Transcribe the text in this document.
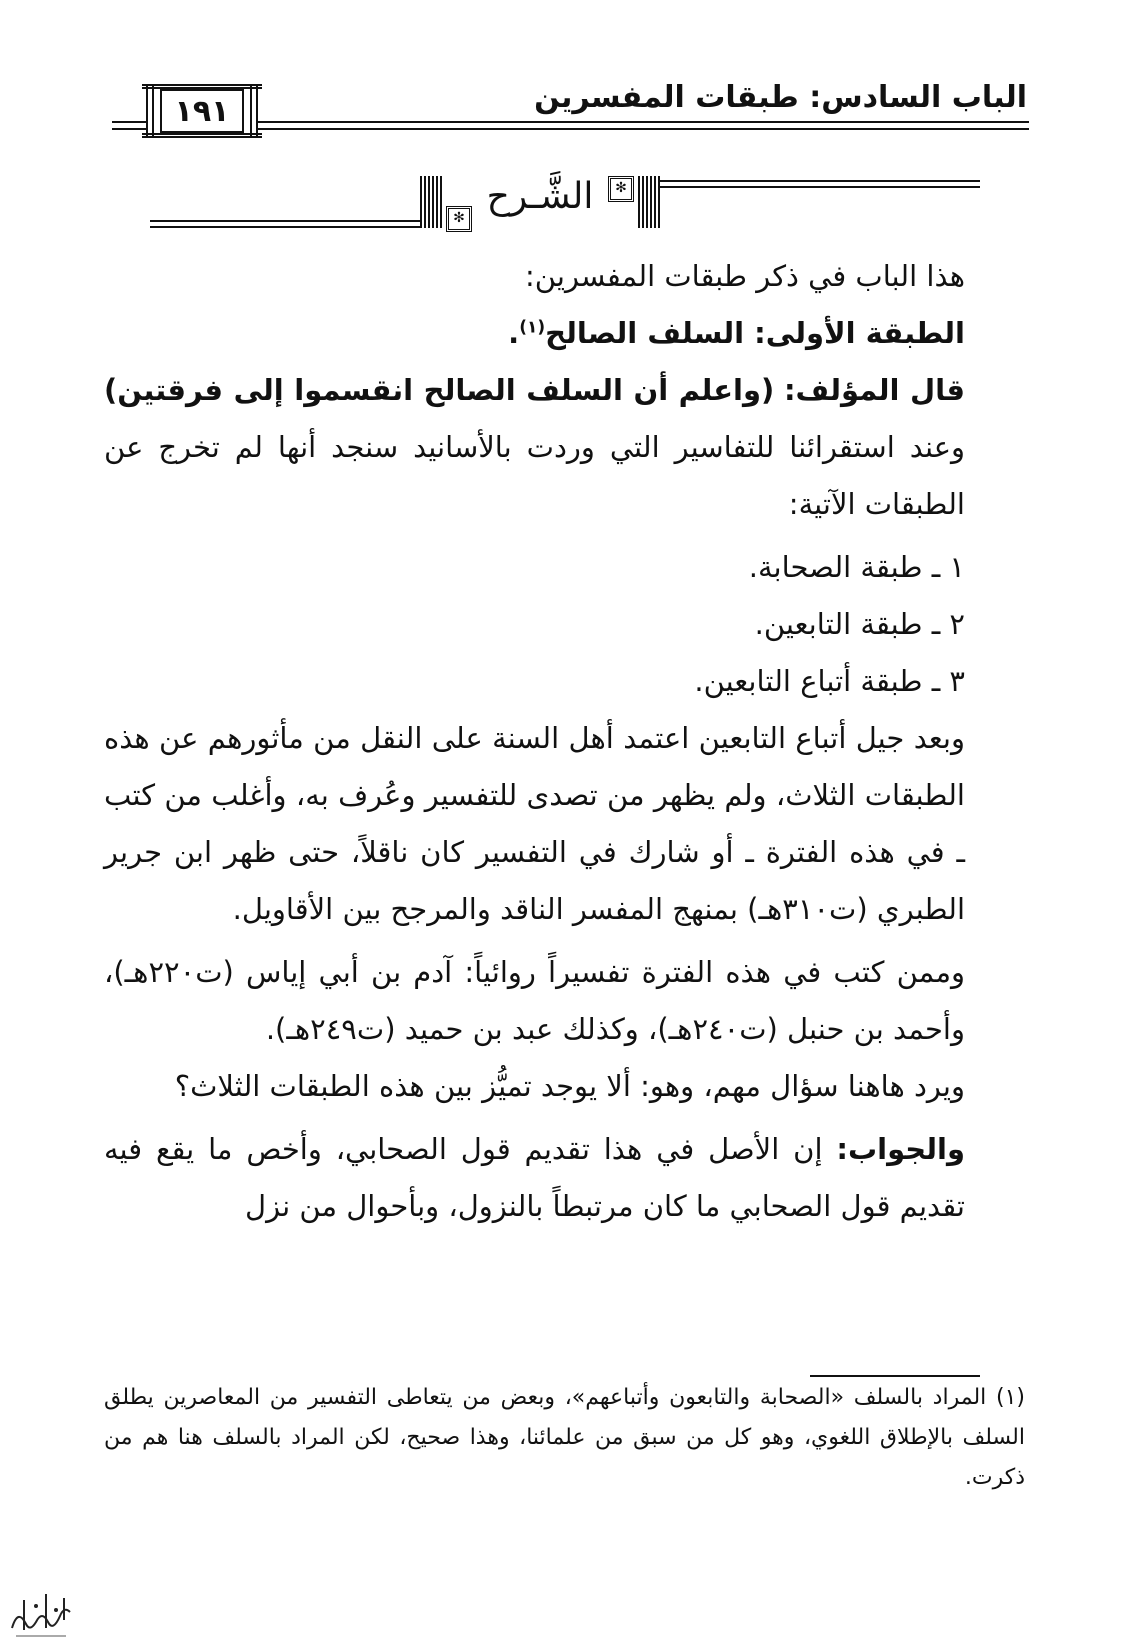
الباب السادس: طبقات المفسرين
١٩١
✻
✻
الشَّـرح

هذا الباب في ذكر طبقات المفسرين:

الطبقة الأولى: السلف الصالح$^{(١)}$.

قال المؤلف: (واعلم أن السلف الصالح انقسموا إلى فرقتين) وعند استقرائنا للتفاسير التي وردت بالأسانيد سنجد أنها لم تخرج عن الطبقات الآتية:

١ ـ طبقة الصحابة.

٢ ـ طبقة التابعين.

٣ ـ طبقة أتباع التابعين.

وبعد جيل أتباع التابعين اعتمد أهل السنة على النقل من مأثورهم عن هذه الطبقات الثلاث، ولم يظهر من تصدى للتفسير وعُرف به، وأغلب من كتب ـ في هذه الفترة ـ أو شارك في التفسير كان ناقلاً، حتى ظهر ابن جرير الطبري (ت٣١٠هـ) بمنهج المفسر الناقد والمرجح بين الأقاويل.

وممن كتب في هذه الفترة تفسيراً روائياً: آدم بن أبي إياس (ت٢٢٠هـ)، وأحمد بن حنبل (ت٢٤٠هـ)، وكذلك عبد بن حميد (ت٢٤٩هـ).

ويرد هاهنا سؤال مهم، وهو: ألا يوجد تميُّز بين هذه الطبقات الثلاث؟

والجواب: إن الأصل في هذا تقديم قول الصحابي، وأخص ما يقع فيه تقديم قول الصحابي ما كان مرتبطاً بالنزول، وبأحوال من نزل

(١) المراد بالسلف «الصحابة والتابعون وأتباعهم»، وبعض من يتعاطى التفسير من المعاصرين يطلق السلف بالإطلاق اللغوي، وهو كل من سبق من علمائنا، وهذا صحيح، لكن المراد بالسلف هنا هم من ذكرت.
